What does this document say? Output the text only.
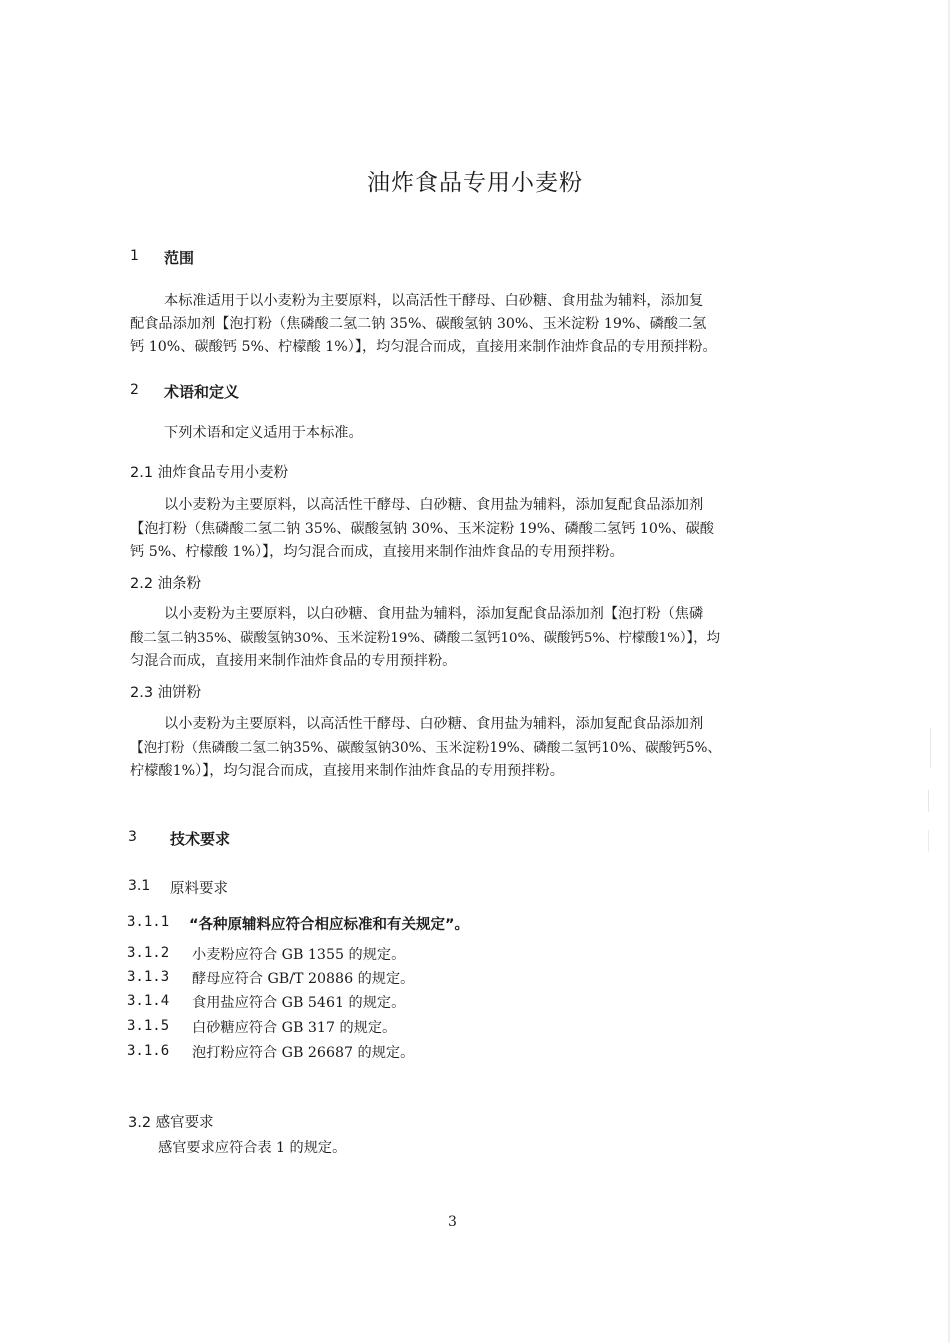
油炸食品专用小麦粉
1 范围
本标准适用于以小麦粉为主要原料，以高活性干酵母、白砂糖、食用盐为辅料，添加复
配食品添加剂【泡打粉（焦磷酸二氢二钠 35%、碳酸氢钠 30%、玉米淀粉 19%、磷酸二氢
钙 10%、碳酸钙 5%、柠檬酸 1%）】，均匀混合而成，直接用来制作油炸食品的专用预拌粉。
2 术语和定义
下列术语和定义适用于本标准。
2.1 油炸食品专用小麦粉
以小麦粉为主要原料，以高活性干酵母、白砂糖、食用盐为辅料，添加复配食品添加剂
【泡打粉（焦磷酸二氢二钠 35%、碳酸氢钠 30%、玉米淀粉 19%、磷酸二氢钙 10%、碳酸
钙 5%、柠檬酸 1%）】，均匀混合而成，直接用来制作油炸食品的专用预拌粉。
2.2 油条粉
以小麦粉为主要原料，以白砂糖、食用盐为辅料，添加复配食品添加剂【泡打粉（焦磷
酸二氢二钠35%、碳酸氢钠30%、玉米淀粉19%、磷酸二氢钙10%、碳酸钙5%、柠檬酸1%）】，均
匀混合而成，直接用来制作油炸食品的专用预拌粉。
2.3 油饼粉
以小麦粉为主要原料，以高活性干酵母、白砂糖、食用盐为辅料，添加复配食品添加剂
【泡打粉（焦磷酸二氢二钠35%、碳酸氢钠30%、玉米淀粉19%、磷酸二氢钙10%、碳酸钙5%、
柠檬酸1%）】，均匀混合而成，直接用来制作油炸食品的专用预拌粉。
3 技术要求
3.1 原料要求
3.1.1 “各种原辅料应符合相应标准和有关规定”。
3.1.2 小麦粉应符合 GB 1355 的规定。
3.1.3 酵母应符合 GB/T 20886 的规定。
3.1.4 食用盐应符合 GB 5461 的规定。
3.1.5 白砂糖应符合 GB 317 的规定。
3.1.6 泡打粉应符合 GB 26687 的规定。
3.2 感官要求
感官要求应符合表 1 的规定。
3
